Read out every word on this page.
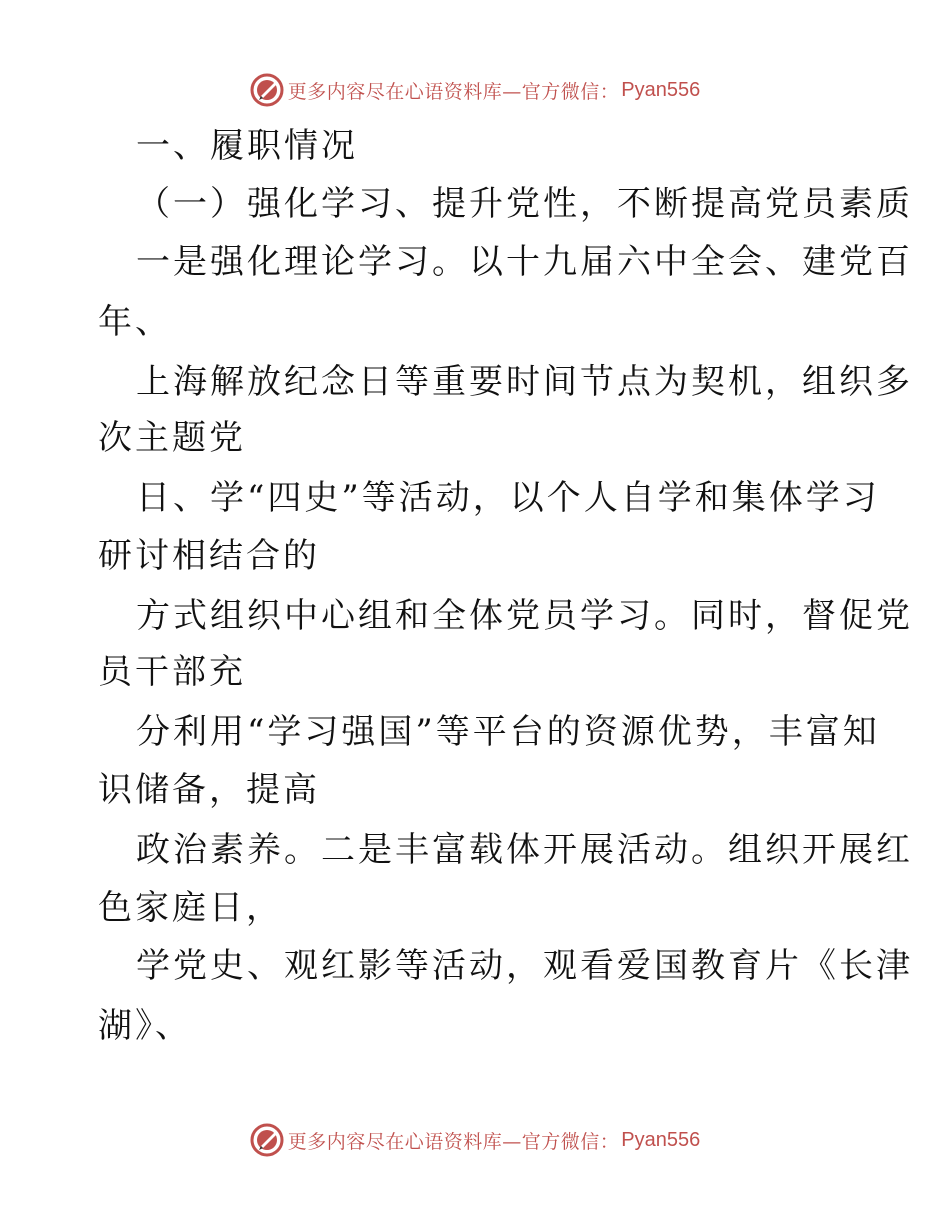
更多内容尽在心语资料库—官方微信： Pyan556

一、履职情况

（一）强化学习、提升党性，不断提高党员素质

一是强化理论学习。以十九届六中全会、建党百

年、

上海解放纪念日等重要时间节点为契机，组织多

次主题党

日、学“四史”等活动，以个人自学和集体学习

研讨相结合的

方式组织中心组和全体党员学习。同时，督促党

员干部充

分利用“学习强国”等平台的资源优势，丰富知

识储备，提高

政治素养。二是丰富载体开展活动。组织开展红

色家庭日，

学党史、观红影等活动，观看爱国教育片《长津

湖》、

更多内容尽在心语资料库—官方微信： Pyan556
